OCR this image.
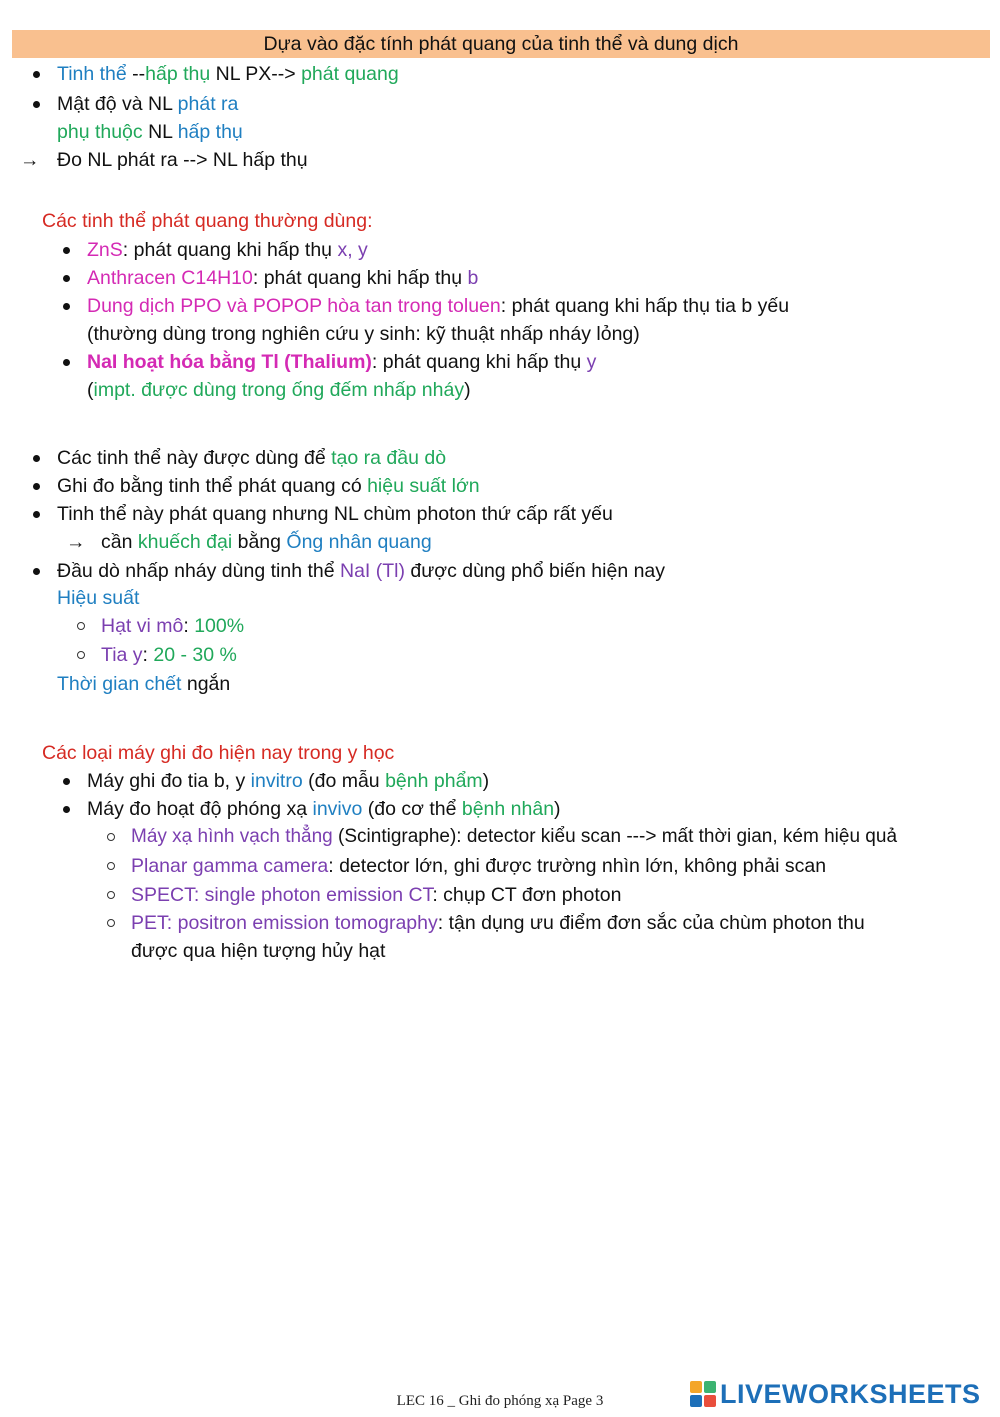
Dựa vào đặc tính phát quang của tinh thể và dung dịch
Tinh thể --hấp thụ NL PX--> phát quang
Mật độ và NL phát ra
phụ thuộc NL hấp thụ
→ Đo NL phát ra --> NL hấp thụ
Các tinh thể phát quang thường dùng:
ZnS: phát quang khi hấp thụ x, y
Anthracen C14H10: phát quang khi hấp thụ b
Dung dịch PPO và POPOP hòa tan trong toluen: phát quang khi hấp thụ tia b yếu
(thường dùng trong nghiên cứu y sinh: kỹ thuật nhấp nháy lỏng)
NaI hoạt hóa bằng Tl (Thalium): phát quang khi hấp thụ y
(impt. được dùng trong ống đếm nhấp nháy)
Các tinh thể này được dùng để tạo ra đầu dò
Ghi đo bằng tinh thể phát quang có hiệu suất lớn
Tinh thể này phát quang nhưng NL chùm photon thứ cấp rất yếu
→ cần khuếch đại bằng Ống nhân quang
Đầu dò nhấp nháy dùng tinh thể NaI (Tl) được dùng phổ biến hiện nay
Hiệu suất
Hạt vi mô: 100%
Tia y: 20 - 30 %
Thời gian chết ngắn
Các loại máy ghi đo hiện nay trong y học
Máy ghi đo tia b, y invitro (đo mẫu bệnh phẩm)
Máy đo hoạt độ phóng xạ invivo (đo cơ thể bệnh nhân)
Máy xạ hình vạch thẳng (Scintigraphe): detector kiểu scan ---> mất thời gian, kém hiệu quả
Planar gamma camera: detector lớn, ghi được trường nhìn lớn, không phải scan
SPECT: single photon emission CT: chụp CT đơn photon
PET: positron emission tomography: tận dụng ưu điểm đơn sắc của chùm photon thu
được qua hiện tượng hủy hạt
LEC 16 _ Ghi đo phóng xạ Page 3	LIVEWORKSHEETS
